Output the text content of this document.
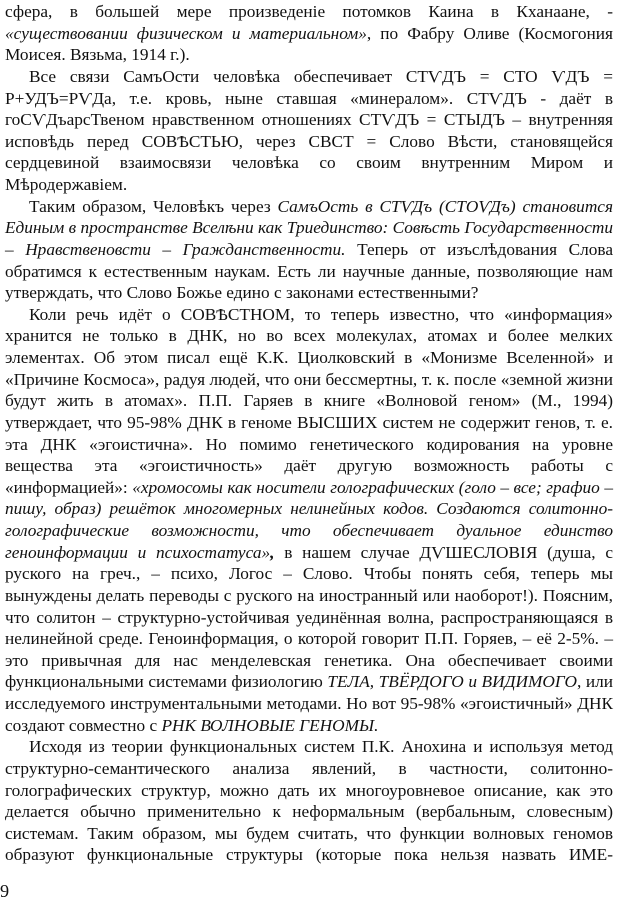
сфера, в большей мере произведеніе потомков Каина в Кханаане, - «существовании физическом и материальном», по Фабру Оливе (Космогония Моисея. Вязьма, 1914 г.).

Все связи СамъОсти человѣка обеспечивает СТѴДЪ = СТО ѴДЪ = Р+УДЪ=РѴДа, т.е. кровь, ныне ставшая «минералом». СТѴДЪ - даёт в гоСѴДъарсТвеном нравственном отношениях СТѴДЪ = СТЫДЪ – внутренняя исповѣдь перед СОВѢСТЬЮ, через СВСТ = Слово Вѣсти, становящейся сердцевиной взаимосвязи человѣка со своим внутренним Миром и Мѣродержавіем.

Таким образом, Человѣкъ через СамъОсть в СТѴДъ (СТОѴДъ) становится Единым в пространстве Вселѣни как Триединство: Совѣсть Государственности – Нравственовсти – Гражданственности. Теперь от изъслѣдования Слова обратимся к естественным наукам. Есть ли научные данные, позволяющие нам утверждать, что Слово Божье едино с законами естественными?

Коли речь идёт о СОВѢСТНОМ, то теперь известно, что «информация» хранится не только в ДНК, но во всех молекулах, атомах и более мелких элементах. Об этом писал ещё К.К. Циолковский в «Монизме Вселенной» и «Причине Космоса», радуя людей, что они бессмертны, т. к. после «земной жизни будут жить в атомах». П.П. Гаряев в книге «Волновой геном» (М., 1994) утверждает, что 95-98% ДНК в геноме ВЫСШИХ систем не содержит генов, т. е. эта ДНК «эгоистична». Но помимо генетического кодирования на уровне вещества эта «эгоистичность» даёт другую возможность работы с «информацией»: «хромосомы как носители голографических (голо – все; графио – пишу, образ) решёток многомерных нелинейных кодов. Создаются солитонно-голографические возможности, что обеспечивает дуальное единство геноинформации и психостатуса», в нашем случае ДѴШЕСЛОВІЯ (душа, с руского на греч., – психо, Логос – Слово. Чтобы понять себя, теперь мы вынуждены делать переводы с руского на иностранный или наоборот!). Поясним, что солитон – структурно-устойчивая уединённая волна, распространяющаяся в нелинейной среде. Геноинформация, о которой говорит П.П. Горяев, – её 2-5%. – это привычная для нас менделевская генетика. Она обеспечивает своими функциональными системами физиологию ТЕЛА, ТВЁРДОГО и ВИДИМОГО, или исследуемого инструментальными методами. Но вот 95-98% «эгоистичный» ДНК создают совместно с РНК ВОЛНОВЫЕ ГЕНОМЫ.

Исходя из теории функциональных систем П.К. Анохина и используя метод структурно-семантического анализа явлений, в частности, солитонно-голографических структур, можно дать их многоуровневое описание, как это делается обычно применительно к неформальным (вербальным, словесным) системам. Таким образом, мы будем считать, что функции волновых геномов образуют функциональные структуры (которые пока нельзя назвать ИМЕ-

9
